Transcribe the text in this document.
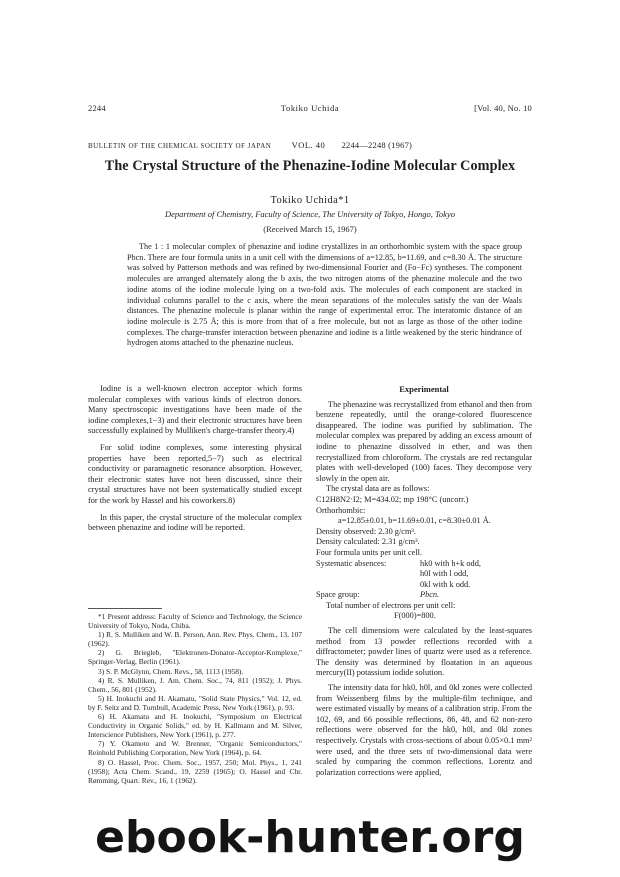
2244	Tokiko Uchida	[Vol. 40, No. 10
BULLETIN OF THE CHEMICAL SOCIETY OF JAPAN VOL. 40 2244—2248 (1967)
The Crystal Structure of the Phenazine-Iodine Molecular Complex
Tokiko Uchida*1
Department of Chemistry, Faculty of Science, The University of Tokyo, Hongo, Tokyo
(Received March 15, 1967)

The 1 : 1 molecular complex of phenazine and iodine crystallizes in an orthorhombic system with the space group Pbcn. There are four formula units in a unit cell with the dimensions of a=12.85, b=11.69, and c=8.30 Å. The structure was solved by Patterson methods and was refined by two-dimensional Fourier and (Fo−Fc) syntheses. The component molecules are arranged alternately along the b axis, the two nitrogen atoms of the phenazine molecule and the two iodine atoms of the iodine molecule lying on a two-fold axis. The molecules of each component are stacked in individual columns parallel to the c axis, where the mean separations of the molecules satisfy the van der Waals distances. The phenazine molecule is planar within the range of experimental error. The interatomic distance of an iodine molecule is 2.75 Å; this is more from that of a free molecule, but not as large as those of the other iodine complexes. The charge-transfer interaction between phenazine and iodine is a little weakened by the steric hindrance of hydrogen atoms attached to the phenazine nucleus.

Iodine is a well-known electron acceptor which forms molecular complexes with various kinds of electron donors. Many spectroscopic investigations have been made of the iodine complexes,1−3) and their electronic structures have been successfully explained by Mulliken's charge-transfer theory.4)

For solid iodine complexes, some interesting physical properties have been reported,5−7) such as electrical conductivity or paramagnetic resonance absorption. However, their electronic states have not been discussed, since their crystal structures have not been systematically studied except for the work by Hassel and his coworkers.8)

In this paper, the crystal structure of the molecular complex between phenazine and iodine will be reported.

*1 Present address: Faculty of Science and Technology, the Science University of Tokyo, Noda, Chiba.
1) R. S. Mulliken and W. B. Person, Ann. Rev. Phys. Chem., 13, 107 (1962).
2) G. Briegleb, "Elektronen-Donator-Acceptor-Komplexe," Springer-Verlag, Berlin (1961).
3) S. P. McGlynn, Chem. Revs., 58, 1113 (1958).
4) R. S. Mulliken, J. Am. Chem. Soc., 74, 811 (1952); J. Phys. Chem., 56, 801 (1952).
5) H. Inokuchi and H. Akamatu, "Solid State Physics," Vol. 12, ed. by F. Seitz and D. Turnbull, Academic Press, New York (1961), p. 93.
6) H. Akamatu and H. Inokuchi, "Symposium on Electrical Conductivity in Organic Solids," ed. by H. Kallmann and M. Silver, Interscience Publishers, New York (1961), p. 277.
7) Y. Okamoto and W. Brenner, "Organic Semiconductors," Reinhold Publishing Corporation, New York (1964), p. 64.
8) O. Hassel, Proc. Chem. Soc., 1957, 250; Mol. Phys., 1, 241 (1958); Acta Chem. Scand., 19, 2259 (1965); O. Hassel and Chr. Rømming, Quart. Rev., 16, 1 (1962).
Experimental

The phenazine was recrystallized from ethanol and then from benzene repeatedly, until the orange-colored fluorescence disappeared. The iodine was purified by sublimation. The molecular complex was prepared by adding an excess amount of iodine to phenazine dissolved in ether, and was then recrystallized from chloroform. The crystals are red rectangular plates with well-developed (100) faces. They decompose very slowly in the open air.

The crystal data are as follows:
C12H8N2·I2; M=434.02; mp 198°C (uncorr.)
Orthorhombic:
a=12.85±0.01, b=11.69±0.01, c=8.30±0.01 Å.
Density observed: 2.30 g/cm³.
Density calculated: 2.31 g/cm³.
Four formula units per unit cell.
Systematic absences:	hk0 with h+k odd,
h0l with l odd,
0kl with k odd.
Space group:	Pbcn.
Total number of electrons per unit cell:
F(000)=800.

The cell dimensions were calculated by the least-squares method from 13 powder reflections recorded with a diffractometer; powder lines of quartz were used as a reference. The density was determined by floatation in an aqueous mercury(II) potassium iodide solution.

The intensity data for hk0, h0l, and 0kl zones were collected from Weissenberg films by the multiple-film technique, and were estimated visually by means of a calibration strip. From the 102, 69, and 66 possible reflections, 86, 48, and 62 non-zero reflections were observed for the hk0, h0l, and 0kl zones respectively. Crystals with cross-sections of about 0.05×0.1 mm² were used, and the three sets of two-dimensional data were scaled by comparing the common reflections. Lorentz and polarization corrections were applied,

ebook-hunter.org
